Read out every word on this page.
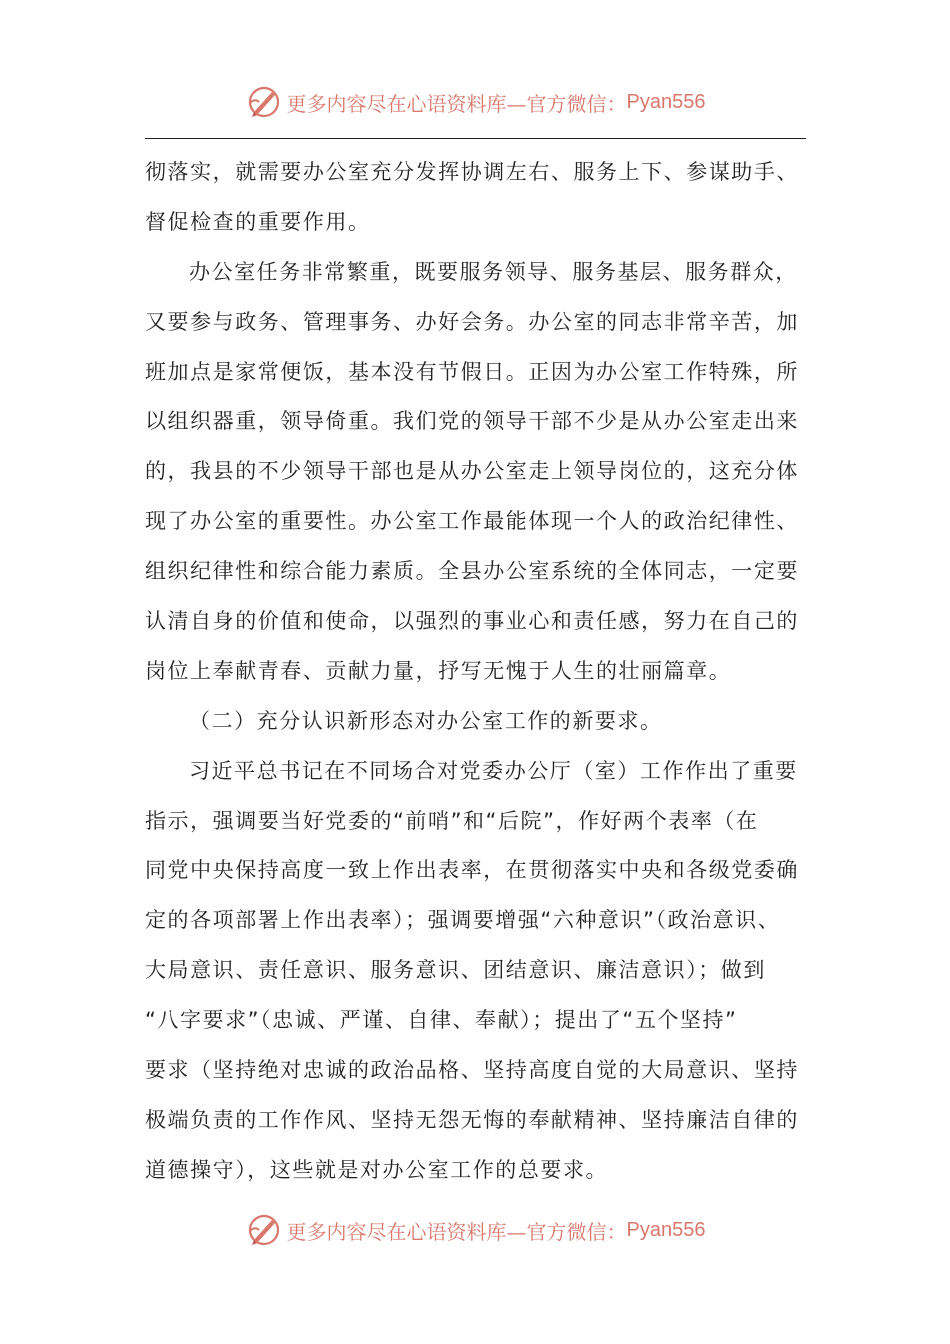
更多内容尽在心语资料库—官方微信： Pyan556
彻落实，就需要办公室充分发挥协调左右、服务上下、参谋助手、
督促检查的重要作用。
办公室任务非常繁重，既要服务领导、服务基层、服务群众，
又要参与政务、管理事务、办好会务。办公室的同志非常辛苦，加
班加点是家常便饭，基本没有节假日。正因为办公室工作特殊，所
以组织器重，领导倚重。我们党的领导干部不少是从办公室走出来
的，我县的不少领导干部也是从办公室走上领导岗位的，这充分体
现了办公室的重要性。办公室工作最能体现一个人的政治纪律性、
组织纪律性和综合能力素质。全县办公室系统的全体同志，一定要
认清自身的价值和使命，以强烈的事业心和责任感，努力在自己的
岗位上奉献青春、贡献力量，抒写无愧于人生的壮丽篇章。
（二）充分认识新形态对办公室工作的新要求。
习近平总书记在不同场合对党委办公厅（室）工作作出了重要
指示，强调要当好党委的“前哨”和“后院”，作好两个表率（在
同党中央保持高度一致上作出表率，在贯彻落实中央和各级党委确
定的各项部署上作出表率）；强调要增强“六种意识”（政治意识、
大局意识、责任意识、服务意识、团结意识、廉洁意识）；做到
“八字要求”（忠诚、严谨、自律、奉献）；提出了“五个坚持”
要求（坚持绝对忠诚的政治品格、坚持高度自觉的大局意识、坚持
极端负责的工作作风、坚持无怨无悔的奉献精神、坚持廉洁自律的
道德操守），这些就是对办公室工作的总要求。
更多内容尽在心语资料库—官方微信： Pyan556
